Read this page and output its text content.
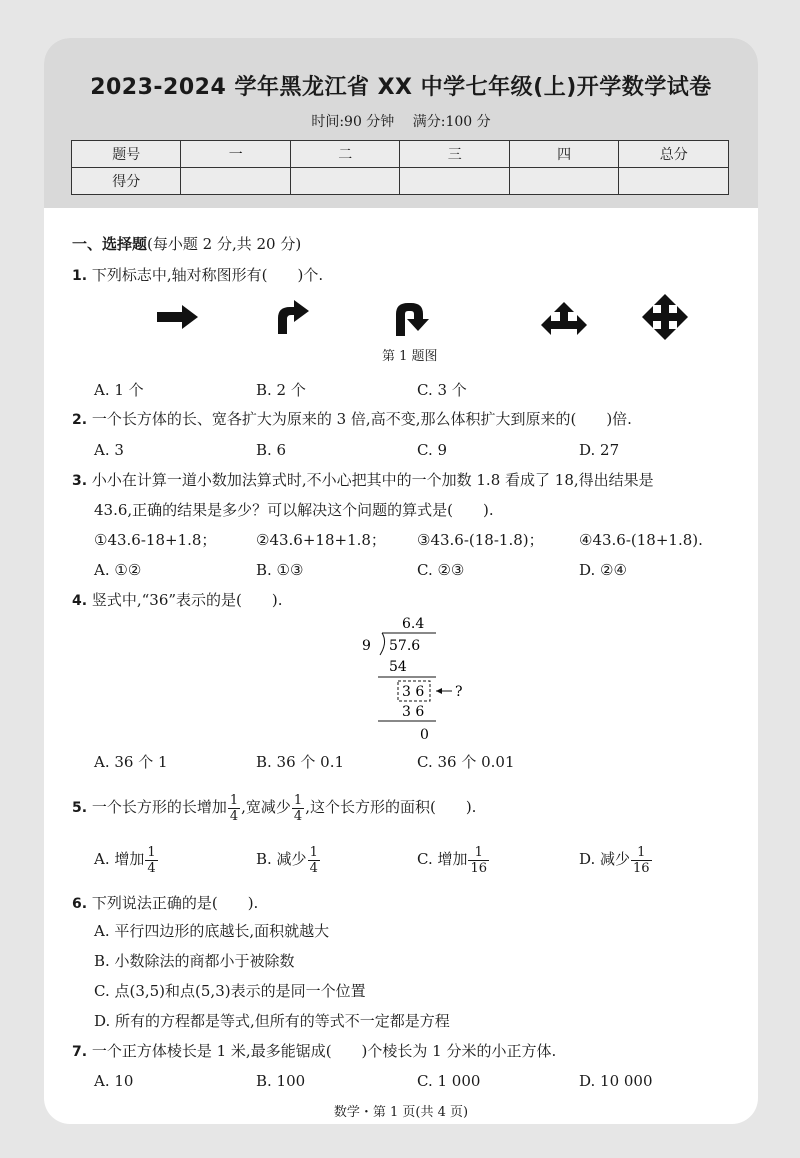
2023-2024 学年黑龙江省 XX 中学七年级(上)开学数学试卷
时间:90 分钟 满分:100 分
题号	一	二	三	四	总分
得分					
一、选择题(每小题 2 分,共 20 分)
1. 下列标志中,轴对称图形有(　　)个.
第 1 题图
A. 1 个	B. 2 个	C. 3 个
2. 一个长方体的长、宽各扩大为原来的 3 倍,高不变,那么体积扩大到原来的(　　)倍.
A. 3	B. 6	C. 9	D. 27
3. 小小在计算一道小数加法算式时,不小心把其中的一个加数 1.8 看成了 18,得出结果是
43.6,正确的结果是多少？可以解决这个问题的算式是(　　).
①43.6-18+1.8；	②43.6+18+1.8； ③43.6-(18-1.8)； ④43.6-(18+1.8).
A. ①②	B. ①③	C. ②③	D. ②④
4. 竖式中,“36”表示的是(　　).
6.4
9 57.6
54
3 6 ?
3 6
0
A. 36 个 1	B. 36 个 0.1	C. 36 个 0.01
5. 一个长方形的长增加 $\frac{1}{4}$ ,宽减少 $\frac{1}{4}$ ,这个长方形的面积(　　).
A. 增加 $\frac{1}{4}$	B. 减少 $\frac{1}{4}$	C. 增加 $\frac{1}{16}$	D. 减少 $\frac{1}{16}$
6. 下列说法正确的是(　　).
A. 平行四边形的底越长,面积就越大
B. 小数除法的商都小于被除数
C. 点(3,5)和点(5,3)表示的是同一个位置
D. 所有的方程都是等式,但所有的等式不一定都是方程
7. 一个正方体棱长是 1 米,最多能锯成(　　)个棱长为 1 分米的小正方体.
A. 10	B. 100	C. 1 000	D. 10 000
数学・第 1 页(共 4 页)
